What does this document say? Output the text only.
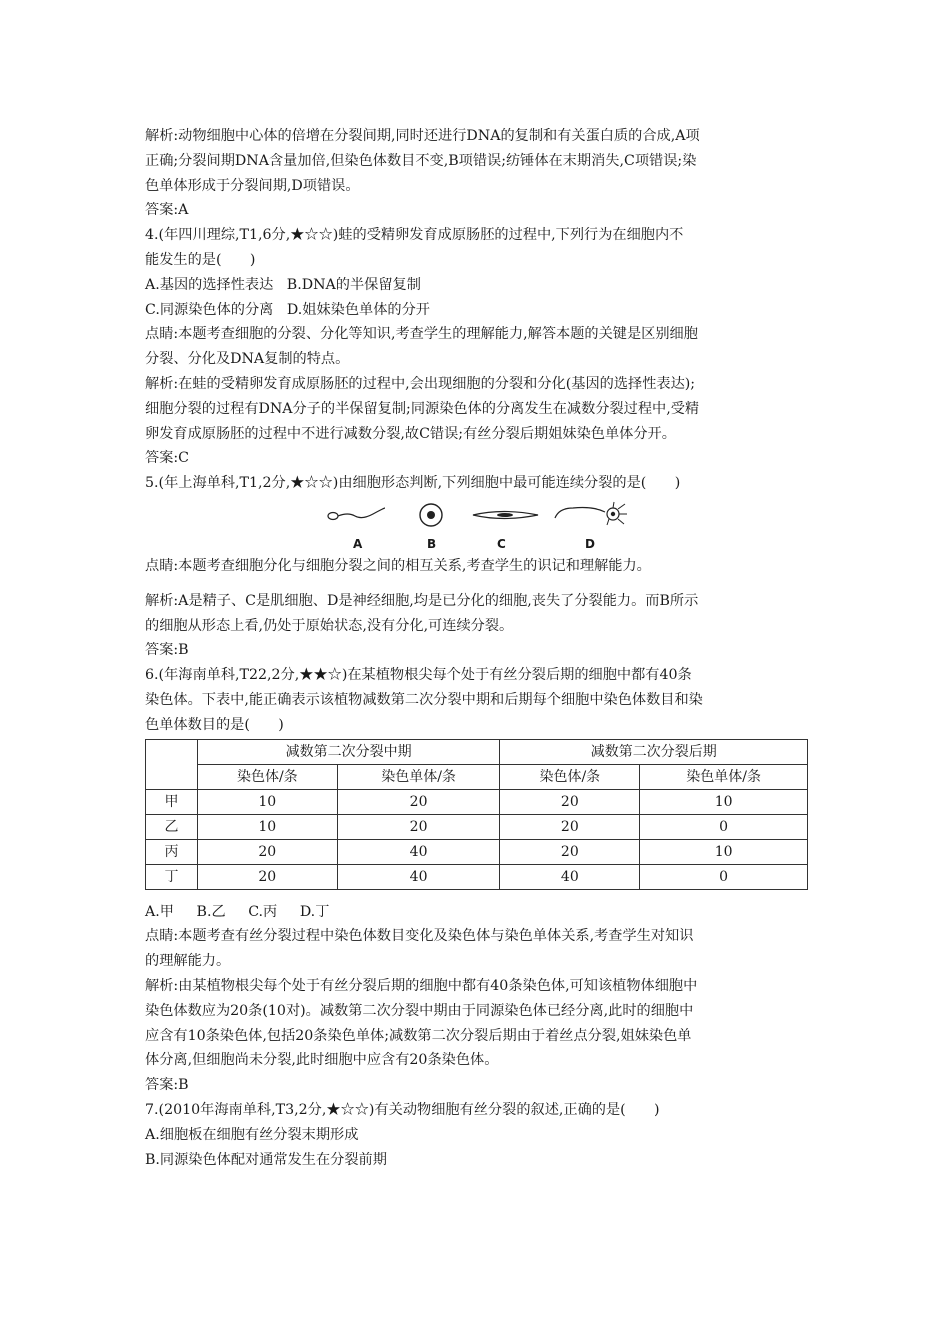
解析:动物细胞中心体的倍增在分裂间期,同时还进行DNA的复制和有关蛋白质的合成,A项

正确;分裂间期DNA含量加倍,但染色体数目不变,B项错误;纺锤体在末期消失,C项错误;染

色单体形成于分裂间期,D项错误。

答案:A

4.(年四川理综,T1,6分,★☆☆)蛙的受精卵发育成原肠胚的过程中,下列行为在细胞内不

能发生的是(　　)

A.基因的选择性表达 B.DNA的半保留复制

C.同源染色体的分离 D.姐妹染色单体的分开

点睛:本题考查细胞的分裂、分化等知识,考查学生的理解能力,解答本题的关键是区别细胞

分裂、分化及DNA复制的特点。

解析:在蛙的受精卵发育成原肠胚的过程中,会出现细胞的分裂和分化(基因的选择性表达);

细胞分裂的过程有DNA分子的半保留复制;同源染色体的分离发生在减数分裂过程中,受精

卵发育成原肠胚的过程中不进行减数分裂,故C错误;有丝分裂后期姐妹染色单体分开。

答案:C

5.(年上海单科,T1,2分,★☆☆)由细胞形态判断,下列细胞中最可能连续分裂的是(　　)

A	B	C	D

点睛:本题考查细胞分化与细胞分裂之间的相互关系,考查学生的识记和理解能力。

解析:A是精子、C是肌细胞、D是神经细胞,均是已分化的细胞,丧失了分裂能力。而B所示

的细胞从形态上看,仍处于原始状态,没有分化,可连续分裂。

答案:B

6.(年海南单科,T22,2分,★★☆)在某植物根尖每个处于有丝分裂后期的细胞中都有40条

染色体。下表中,能正确表示该植物减数第二次分裂中期和后期每个细胞中染色体数目和染

色单体数目的是(　　)

	减数第二次分裂中期		减数第二次分裂后期	
	染色体/条	染色单体/条	染色体/条	染色单体/条
甲	10	20	20	10
乙	10	20	20	0
丙	20	40	20	10
丁	20	40	40	0

A.甲 B.乙 C.丙 D.丁

点睛:本题考查有丝分裂过程中染色体数目变化及染色体与染色单体关系,考查学生对知识

的理解能力。

解析:由某植物根尖每个处于有丝分裂后期的细胞中都有40条染色体,可知该植物体细胞中

染色体数应为20条(10对)。减数第二次分裂中期由于同源染色体已经分离,此时的细胞中

应含有10条染色体,包括20条染色单体;减数第二次分裂后期由于着丝点分裂,姐妹染色单

体分离,但细胞尚未分裂,此时细胞中应含有20条染色体。

答案:B

7.(2010年海南单科,T3,2分,★☆☆)有关动物细胞有丝分裂的叙述,正确的是(　　)

A.细胞板在细胞有丝分裂末期形成

B.同源染色体配对通常发生在分裂前期
